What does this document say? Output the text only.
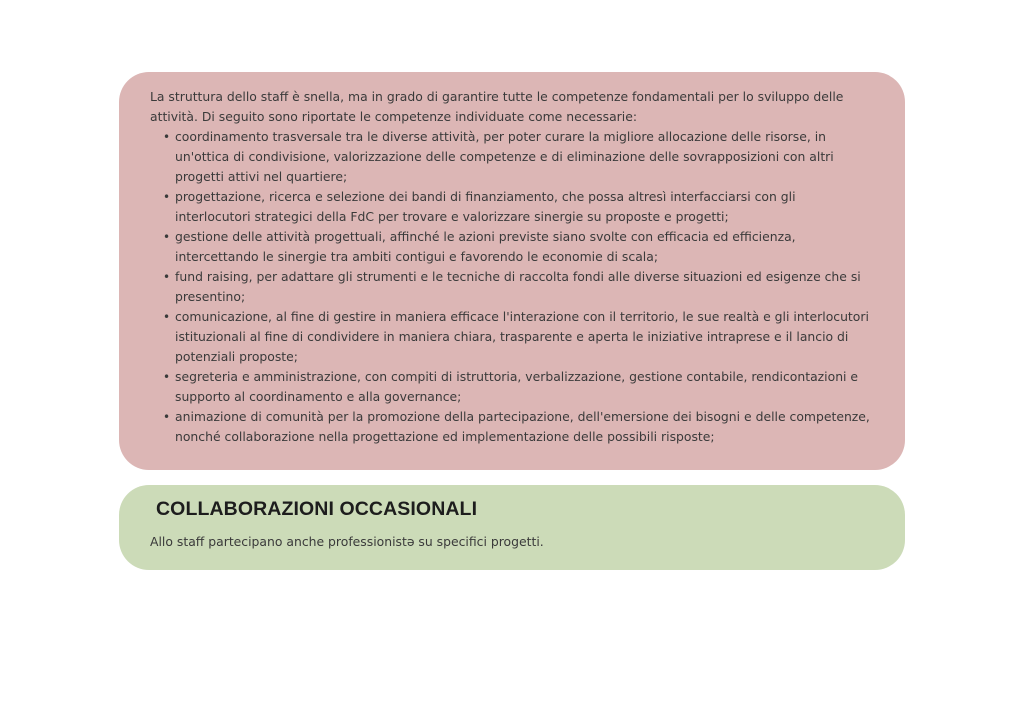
La struttura dello staff è snella, ma in grado di garantire tutte le competenze fondamentali per lo sviluppo delle attività. Di seguito sono riportate le competenze individuate come necessarie:

• coordinamento trasversale tra le diverse attività, per poter curare la migliore allocazione delle risorse, in un'ottica di condivisione, valorizzazione delle competenze e di eliminazione delle sovrapposizioni con altri progetti attivi nel quartiere;
• progettazione, ricerca e selezione dei bandi di finanziamento, che possa altresì interfacciarsi con gli interlocutori strategici della FdC per trovare e valorizzare sinergie su proposte e progetti;
• gestione delle attività progettuali, affinché le azioni previste siano svolte con efficacia ed efficienza, intercettando le sinergie tra ambiti contigui e favorendo le economie di scala;
• fund raising, per adattare gli strumenti e le tecniche di raccolta fondi alle diverse situazioni ed esigenze che si presentino;
• comunicazione, al fine di gestire in maniera efficace l'interazione con il territorio, le sue realtà e gli interlocutori istituzionali al fine di condividere in maniera chiara, trasparente e aperta le iniziative intraprese e il lancio di potenziali proposte;
• segreteria e amministrazione, con compiti di istruttoria, verbalizzazione, gestione contabile, rendicontazioni e supporto al coordinamento e alla governance;
• animazione di comunità per la promozione della partecipazione, dell'emersione dei bisogni e delle competenze, nonché collaborazione nella progettazione ed implementazione delle possibili risposte;
COLLABORAZIONI OCCASIONALI

Allo staff partecipano anche professionistə su specifici progetti.
